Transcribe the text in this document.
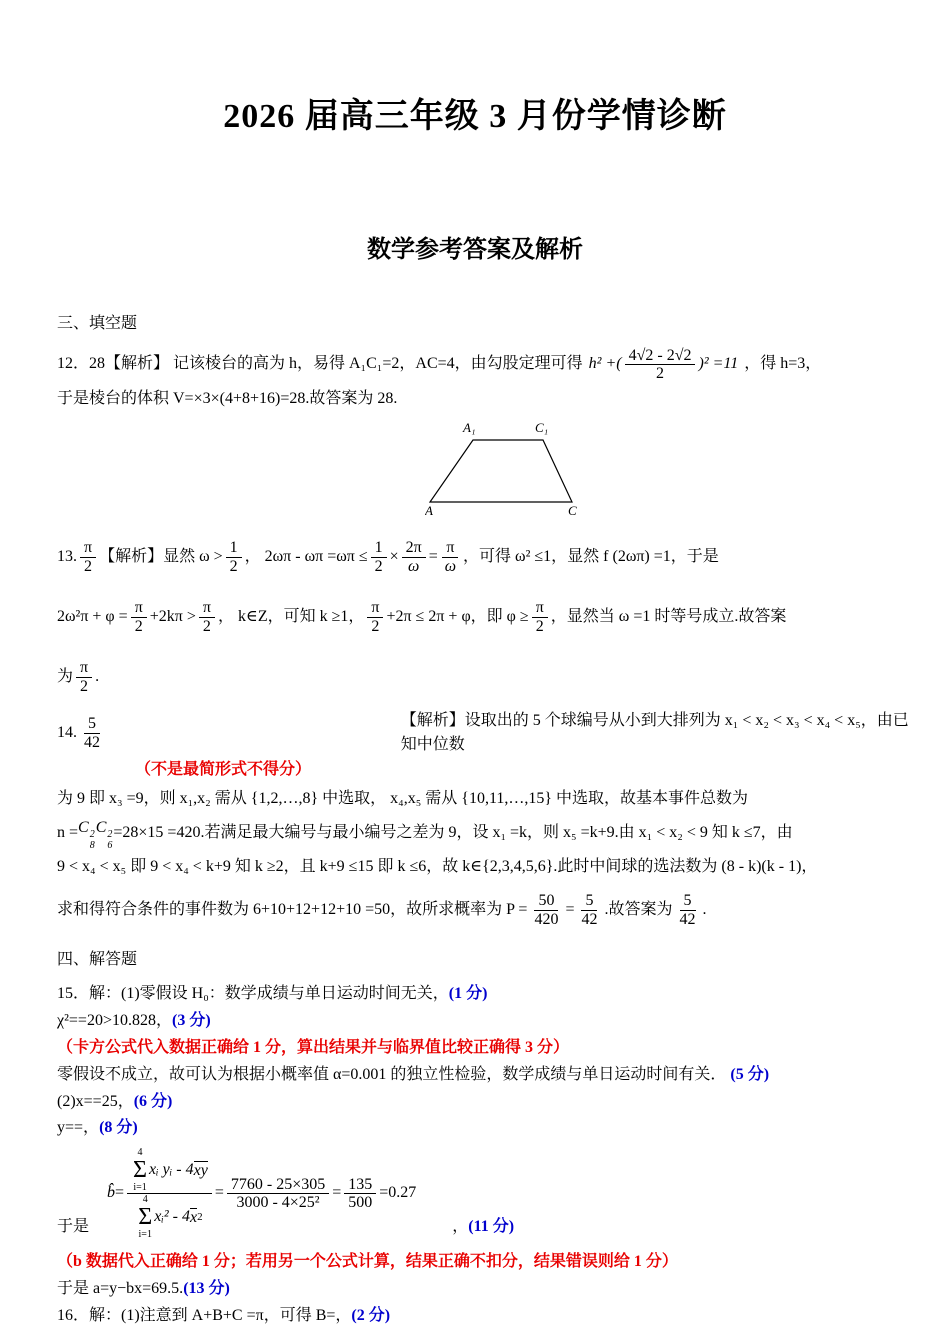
2026 届高三年级 3 月份学情诊断
数学参考答案及解析

三、填空题

12．28【解析】 记该棱台的高为 h，易得 A₁C₁=2，AC=4，由勾股定理可得 h² +( $\frac{4√2 - 2√2}{2} )^2 =11$ ，得 h=3，
于是棱台的体积 V=×3×(4+8+16)=28.故答案为 28.
A₁	C₁
A	C
13. $\frac{\pi}{2}$ 【解析】显然 $\omega > \frac{1}{2}$ ， $2\omega\pi - \omega\pi =\omega\pi \le \frac{1}{2} \times \frac{2\pi}{\omega} = \frac{\pi}{\omega}$ ，可得 ω² ≤1，显然 f (2ωπ) =1，于是
$2\omega^2\pi + \varphi = \frac{\pi}{2} +2k\pi > \frac{\pi}{2}$ ， k∈Z，可知 k ≥1， $\frac{\pi}{2} +2\pi \le 2\pi + \varphi$，即 $\varphi \ge \frac{\pi}{2}$ ，显然当 ω =1 时等号成立.故答案
为 $\frac{\pi}{2}$ .
14. $\frac{5}{42}$	【解析】设取出的 5 个球编号从小到大排列为 x₁ < x₂ < x₃ < x₄ < x₅，由已知中位数
（不是最简形式不得分）
为 9 即 x₃ =9，则 x₁,x₂ 需从 {1,2,…,8} 中选取， x₄,x₅ 需从 {10,11,…,15} 中选取，故基本事件总数为
n = C 2
8
C 2
6
=28×15 =420.若满足最大编号与最小编号之差为 9，设 x₁ =k，则 x₅ =k+9.由 x₁ < x₂ < 9 知 k ≤7，由
9 < x₄ < x₅ 即 9 < x₄ < k+9 知 k ≥2，且 k+9 ≤15 即 k ≤6，故 k∈{2,3,4,5,6}.此时中间球的选法数为 (8 - k)(k - 1)，
求和得符合条件的事件数为 6+10+12+12+10 =50，故所求概率为 $P = \frac{50}{420} = \frac{5}{42}$ .故答案为 $\frac{5}{42}$ .

四、解答题

15．解：(1)零假设 H₀：数学成绩与单日运动时间无关，(1 分)
χ²==20>10.828，(3 分)
（卡方公式代入数据正确给 1 分，算出结果并与临界值比较正确得 3 分）
零假设不成立，故可认为根据小概率值 α=0.001 的独立性检验，数学成绩与单日运动时间有关． (5 分)
(2)x==25，(6 分)
y==，(8 分)
于是
b̂ =
4
Σ
i=1
xᵢ yᵢ - 4 x y
4
Σ
i=1
xᵢ² - 4 x 2
= $\frac{7760 - 25\times 305}{\text{3000 - 4×25²}} = \frac{135}{500} =0.27$
， (11 分)
（b 数据代入正确给 1 分；若用另一个公式计算，结果正确不扣分，结果错误则给 1 分）
于是 a=y−bx=69.5.(13 分)
16．解：(1)注意到 A+B+C =π，可得 B=，(2 分)
